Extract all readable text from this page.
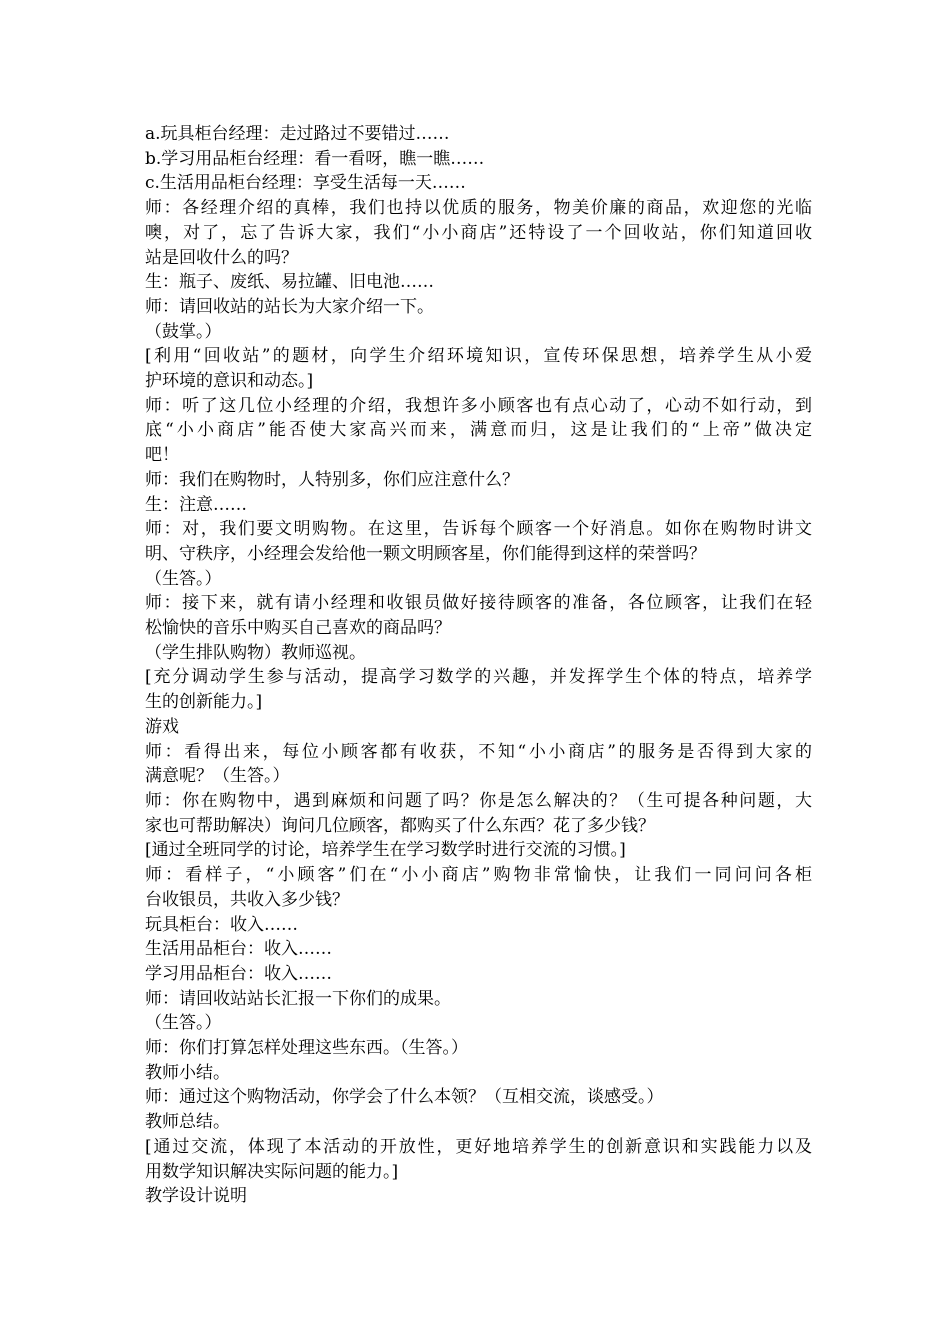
a.玩具柜台经理：走过路过不要错过……
b.学习用品柜台经理：看一看呀，瞧一瞧……
c.生活用品柜台经理：享受生活每一天……
师：各经理介绍的真棒，我们也持以优质的服务，物美价廉的商品，欢迎您的光临
噢，对了，忘了告诉大家，我们“小小商店”还特设了一个回收站，你们知道回收
站是回收什么的吗？
生：瓶子、废纸、易拉罐、旧电池……
师：请回收站的站长为大家介绍一下。
（鼓掌。）
[利用“回收站”的题材，向学生介绍环境知识，宣传环保思想，培养学生从小爱
护环境的意识和动态。]
师：听了这几位小经理的介绍，我想许多小顾客也有点心动了，心动不如行动，到
底“小小商店”能否使大家高兴而来，满意而归，这是让我们的“上帝”做决定
吧！
师：我们在购物时，人特别多，你们应注意什么？
生：注意……
师：对，我们要文明购物。在这里，告诉每个顾客一个好消息。如你在购物时讲文
明、守秩序，小经理会发给他一颗文明顾客星，你们能得到这样的荣誉吗？
（生答。）
师：接下来，就有请小经理和收银员做好接待顾客的准备，各位顾客，让我们在轻
松愉快的音乐中购买自己喜欢的商品吗？
（学生排队购物）教师巡视。
[充分调动学生参与活动，提高学习数学的兴趣，并发挥学生个体的特点，培养学
生的创新能力。]
游戏
师：看得出来，每位小顾客都有收获，不知“小小商店”的服务是否得到大家的
满意呢？（生答。）
师：你在购物中，遇到麻烦和问题了吗？你是怎么解决的？（生可提各种问题，大
家也可帮助解决）询问几位顾客，都购买了什么东西？花了多少钱？
[通过全班同学的讨论，培养学生在学习数学时进行交流的习惯。]
师：看样子，“小顾客”们在“小小商店”购物非常愉快，让我们一同问问各柜
台收银员，共收入多少钱？
玩具柜台：收入……
生活用品柜台：收入……
学习用品柜台：收入……
师：请回收站站长汇报一下你们的成果。
（生答。）
师：你们打算怎样处理这些东西。（生答。）
教师小结。
师：通过这个购物活动，你学会了什么本领？（互相交流，谈感受。）
教师总结。
[通过交流，体现了本活动的开放性，更好地培养学生的创新意识和实践能力以及
用数学知识解决实际问题的能力。]
教学设计说明
